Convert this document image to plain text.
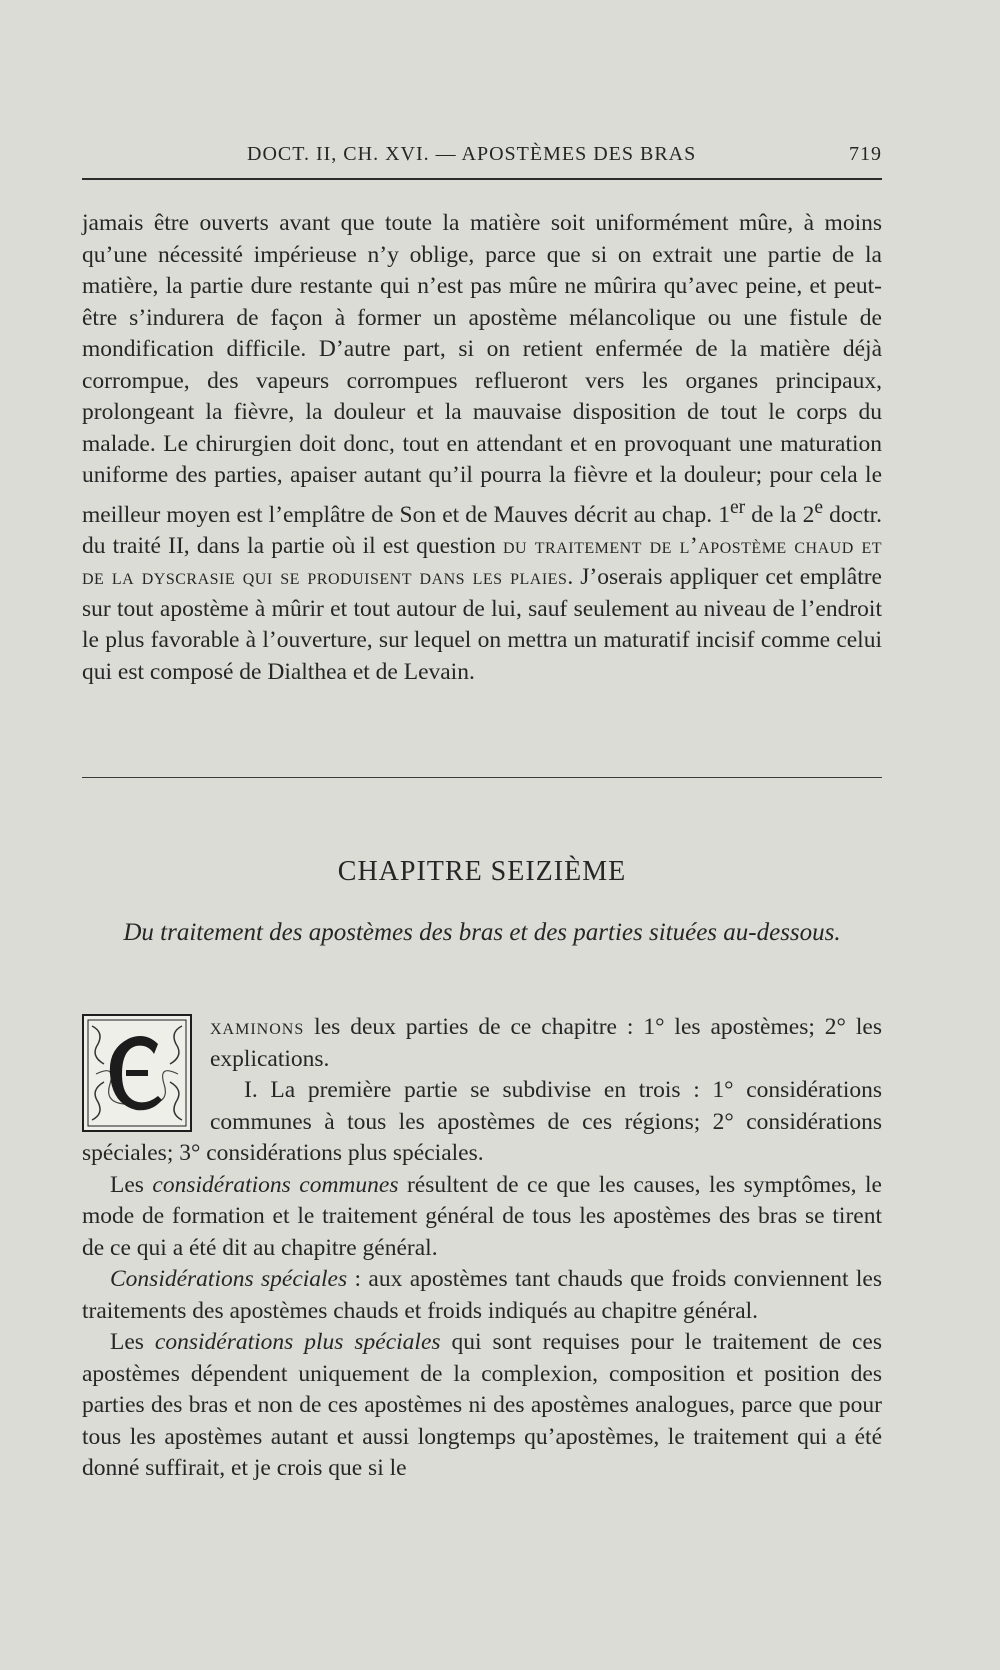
DOCT. II, CH. XVI. — APOSTÈMES DES BRAS	719

jamais être ouverts avant que toute la matière soit uniformément mûre, à moins qu’une nécessité impérieuse n’y oblige, parce que si on extrait une partie de la matière, la partie dure restante qui n’est pas mûre ne mûrira qu’avec peine, et peut-être s’indurera de façon à former un apostème mélancolique ou une fistule de mondification difficile. D’autre part, si on retient enfermée de la matière déjà corrompue, des vapeurs corrompues reflueront vers les organes principaux, prolongeant la fièvre, la douleur et la mauvaise disposition de tout le corps du malade. Le chirurgien doit donc, tout en attendant et en provoquant une maturation uniforme des parties, apaiser autant qu’il pourra la fièvre et la douleur; pour cela le meilleur moyen est l’emplâtre de Son et de Mauves décrit au chap. 1er de la 2e doctr. du traité II, dans la partie où il est question du traitement de l’apostème chaud et de la dyscrasie qui se produisent dans les plaies. J’oserais appliquer cet emplâtre sur tout apostème à mûrir et tout autour de lui, sauf seulement au niveau de l’endroit le plus favorable à l’ouverture, sur lequel on mettra un maturatif incisif comme celui qui est composé de Dialthea et de Levain.

CHAPITRE SEIZIÈME
Du traitement des apostèmes des bras et des parties situées au-dessous.

xaminons les deux parties de ce chapitre : 1° les apostèmes; 2° les explications.

I. La première partie se subdivise en trois : 1° considérations communes à tous les apostèmes de ces régions; 2° considérations spéciales; 3° considérations plus spéciales.

Les considérations communes résultent de ce que les causes, les symptômes, le mode de formation et le traitement général de tous les apostèmes des bras se tirent de ce qui a été dit au chapitre général.

Considérations spéciales : aux apostèmes tant chauds que froids conviennent les traitements des apostèmes chauds et froids indiqués au chapitre général.

Les considérations plus spéciales qui sont requises pour le traitement de ces apostèmes dépendent uniquement de la complexion, composition et position des parties des bras et non de ces apostèmes ni des apostèmes analogues, parce que pour tous les apostèmes autant et aussi longtemps qu’apostèmes, le traitement qui a été donné suffirait, et je crois que si le
